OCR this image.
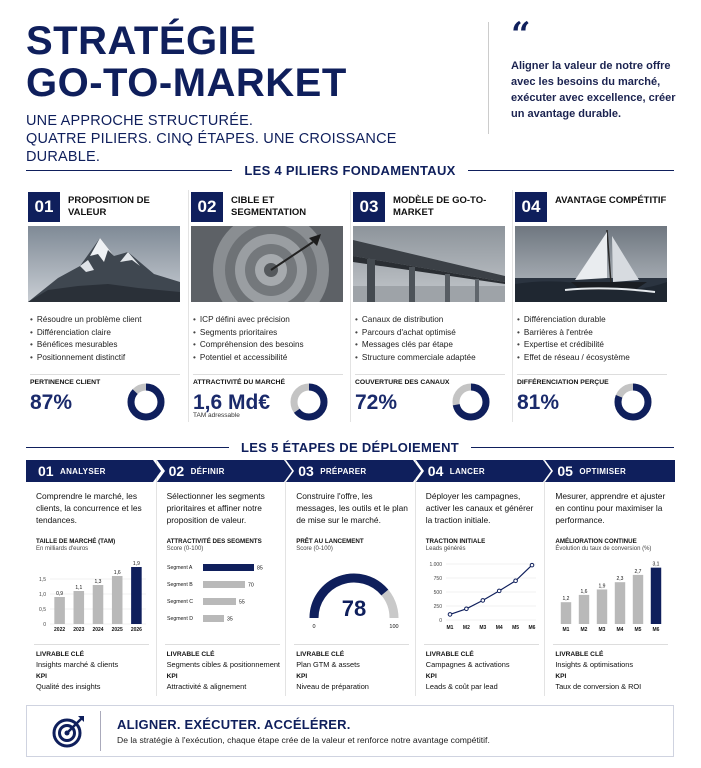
STRATÉGIE
GO-TO-MARKET
UNE APPROCHE STRUCTURÉE.
QUATRE PILIERS. CINQ ÉTAPES. UNE CROISSANCE DURABLE.
“
Aligner la valeur de notre offre avec les besoins du marché, exécuter avec excellence, créer un avantage durable.
LES 4 PILIERS FONDAMENTAUX
01	PROPOSITION DE VALEUR
• Résoudre un problème client
• Différenciation claire
• Bénéfices mesurables
• Positionnement distinctif
PERTINENCE CLIENT
87%
02	CIBLE ET SEGMENTATION
• ICP défini avec précision
• Segments prioritaires
• Compréhension des besoins
• Potentiel et accessibilité
ATTRACTIVITÉ DU MARCHÉ
1,6 Md€
TAM adressable
03	MODÈLE DE GO-TO-MARKET
• Canaux de distribution
• Parcours d'achat optimisé
• Messages clés par étape
• Structure commerciale adaptée
COUVERTURE DES CANAUX
72%
04	AVANTAGE COMPÉTITIF
• Différenciation durable
• Barrières à l'entrée
• Expertise et crédibilité
• Effet de réseau / écosystème
DIFFÉRENCIATION PERÇUE
81%
LES 5 ÉTAPES DE DÉPLOIEMENT
01 ANALYSER
Comprendre le marché, les clients, la concurrence et les tendances.
TAILLE DE MARCHÉ (TAM)
En milliards d'euros
0
0,5
1,0
1,5
0,9
2022
1,1
2023
1,3
2024
1,6
2025
1,9
2026
LIVRABLE CLÉ
Insights marché & clients
KPI
Qualité des insights
02 DÉFINIR
Sélectionner les segments prioritaires et affiner notre proposition de valeur.
ATTRACTIVITÉ DES SEGMENTS
Score (0-100)
Segment A	85
Segment B	70
Segment C	55
Segment D	35
LIVRABLE CLÉ
Segments cibles & positionnement
KPI
Attractivité & alignement
03 PRÉPARER
Construire l'offre, les messages, les outils et le plan de mise sur le marché.
PRÊT AU LANCEMENT
Score (0-100)
78
0	100
LIVRABLE CLÉ
Plan GTM & assets
KPI
Niveau de préparation
04 LANCER
Déployer les campagnes, activer les canaux et générer la traction initiale.
TRACTION INITIALE
Leads générés
0
250
500
750
1.000
M1 M2 M3 M4 M5 M6
LIVRABLE CLÉ
Campagnes & activations
KPI
Leads & coût par lead
05 OPTIMISER
Mesurer, apprendre et ajuster en continu pour maximiser la performance.
AMÉLIORATION CONTINUE
Évolution du taux de conversion (%)
1,2
M1
1,6
M2
1,9
M3
2,3
M4
2,7
M5
3,1
M6
LIVRABLE CLÉ
Insights & optimisations
KPI
Taux de conversion & ROI
ALIGNER. EXÉCUTER. ACCÉLÉRER.
De la stratégie à l'exécution, chaque étape crée de la valeur et renforce notre avantage compétitif.
